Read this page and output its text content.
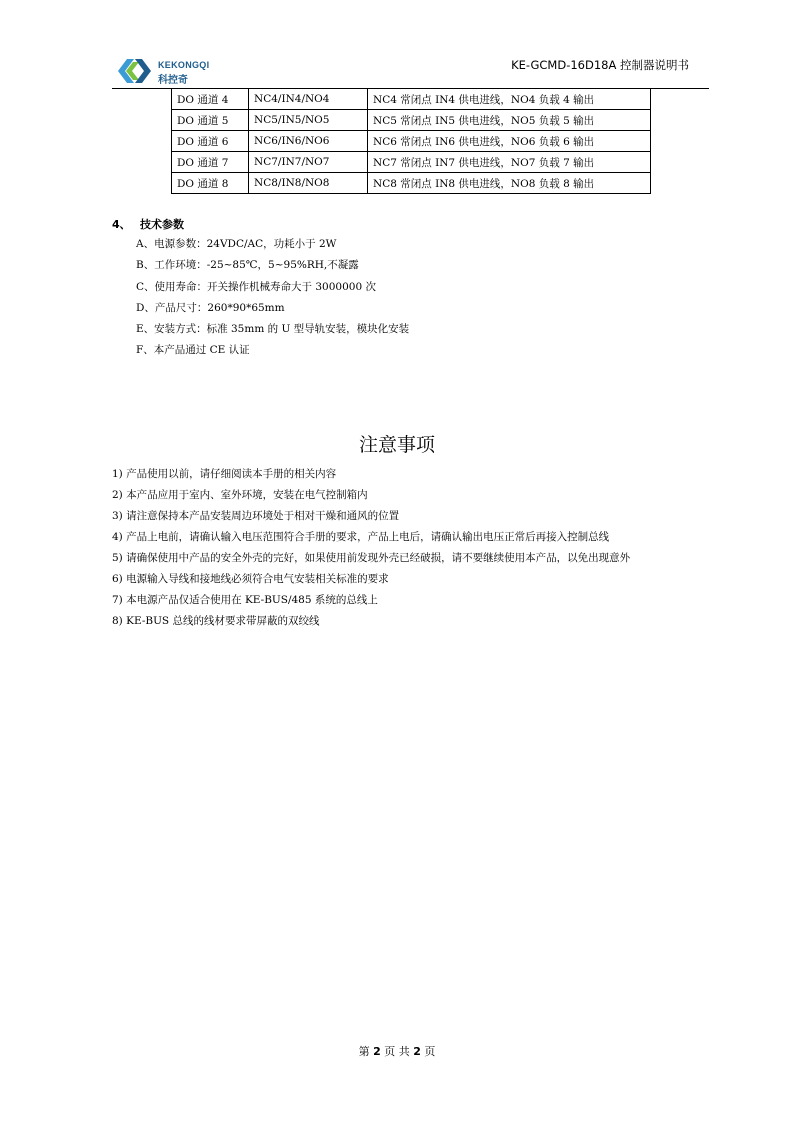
KEKONGQI
科控奇
KE-GCMD-16D18A 控制器说明书
DO 通道 4	NC4/IN4/NO4	NC4 常闭点 IN4 供电进线，NO4 负载 4 输出
DO 通道 5	NC5/IN5/NO5	NC5 常闭点 IN5 供电进线，NO5 负载 5 输出
DO 通道 6	NC6/IN6/NO6	NC6 常闭点 IN6 供电进线，NO6 负载 6 输出
DO 通道 7	NC7/IN7/NO7	NC7 常闭点 IN7 供电进线，NO7 负载 7 输出
DO 通道 8	NC8/IN8/NO8	NC8 常闭点 IN8 供电进线，NO8 负载 8 输出
4、 技术参数
A、电源参数：24VDC/AC，功耗小于 2W
B、工作环境：-25~85℃，5~95%RH,不凝露
C、使用寿命：开关操作机械寿命大于 3000000 次
D、产品尺寸：260*90*65mm
E、安装方式：标准 35mm 的 U 型导轨安装，模块化安装
F、本产品通过 CE 认证
注意事项
1) 产品使用以前，请仔细阅读本手册的相关内容
2) 本产品应用于室内、室外环境，安装在电气控制箱内
3) 请注意保持本产品安装周边环境处于相对干燥和通风的位置
4) 产品上电前，请确认输入电压范围符合手册的要求，产品上电后，请确认输出电压正常后再接入控制总线
5) 请确保使用中产品的安全外壳的完好，如果使用前发现外壳已经破损，请不要继续使用本产品，以免出现意外
6) 电源输入导线和接地线必须符合电气安装相关标准的要求
7) 本电源产品仅适合使用在 KE-BUS/485 系统的总线上
8) KE-BUS 总线的线材要求带屏蔽的双绞线
第 2 页 共 2 页
